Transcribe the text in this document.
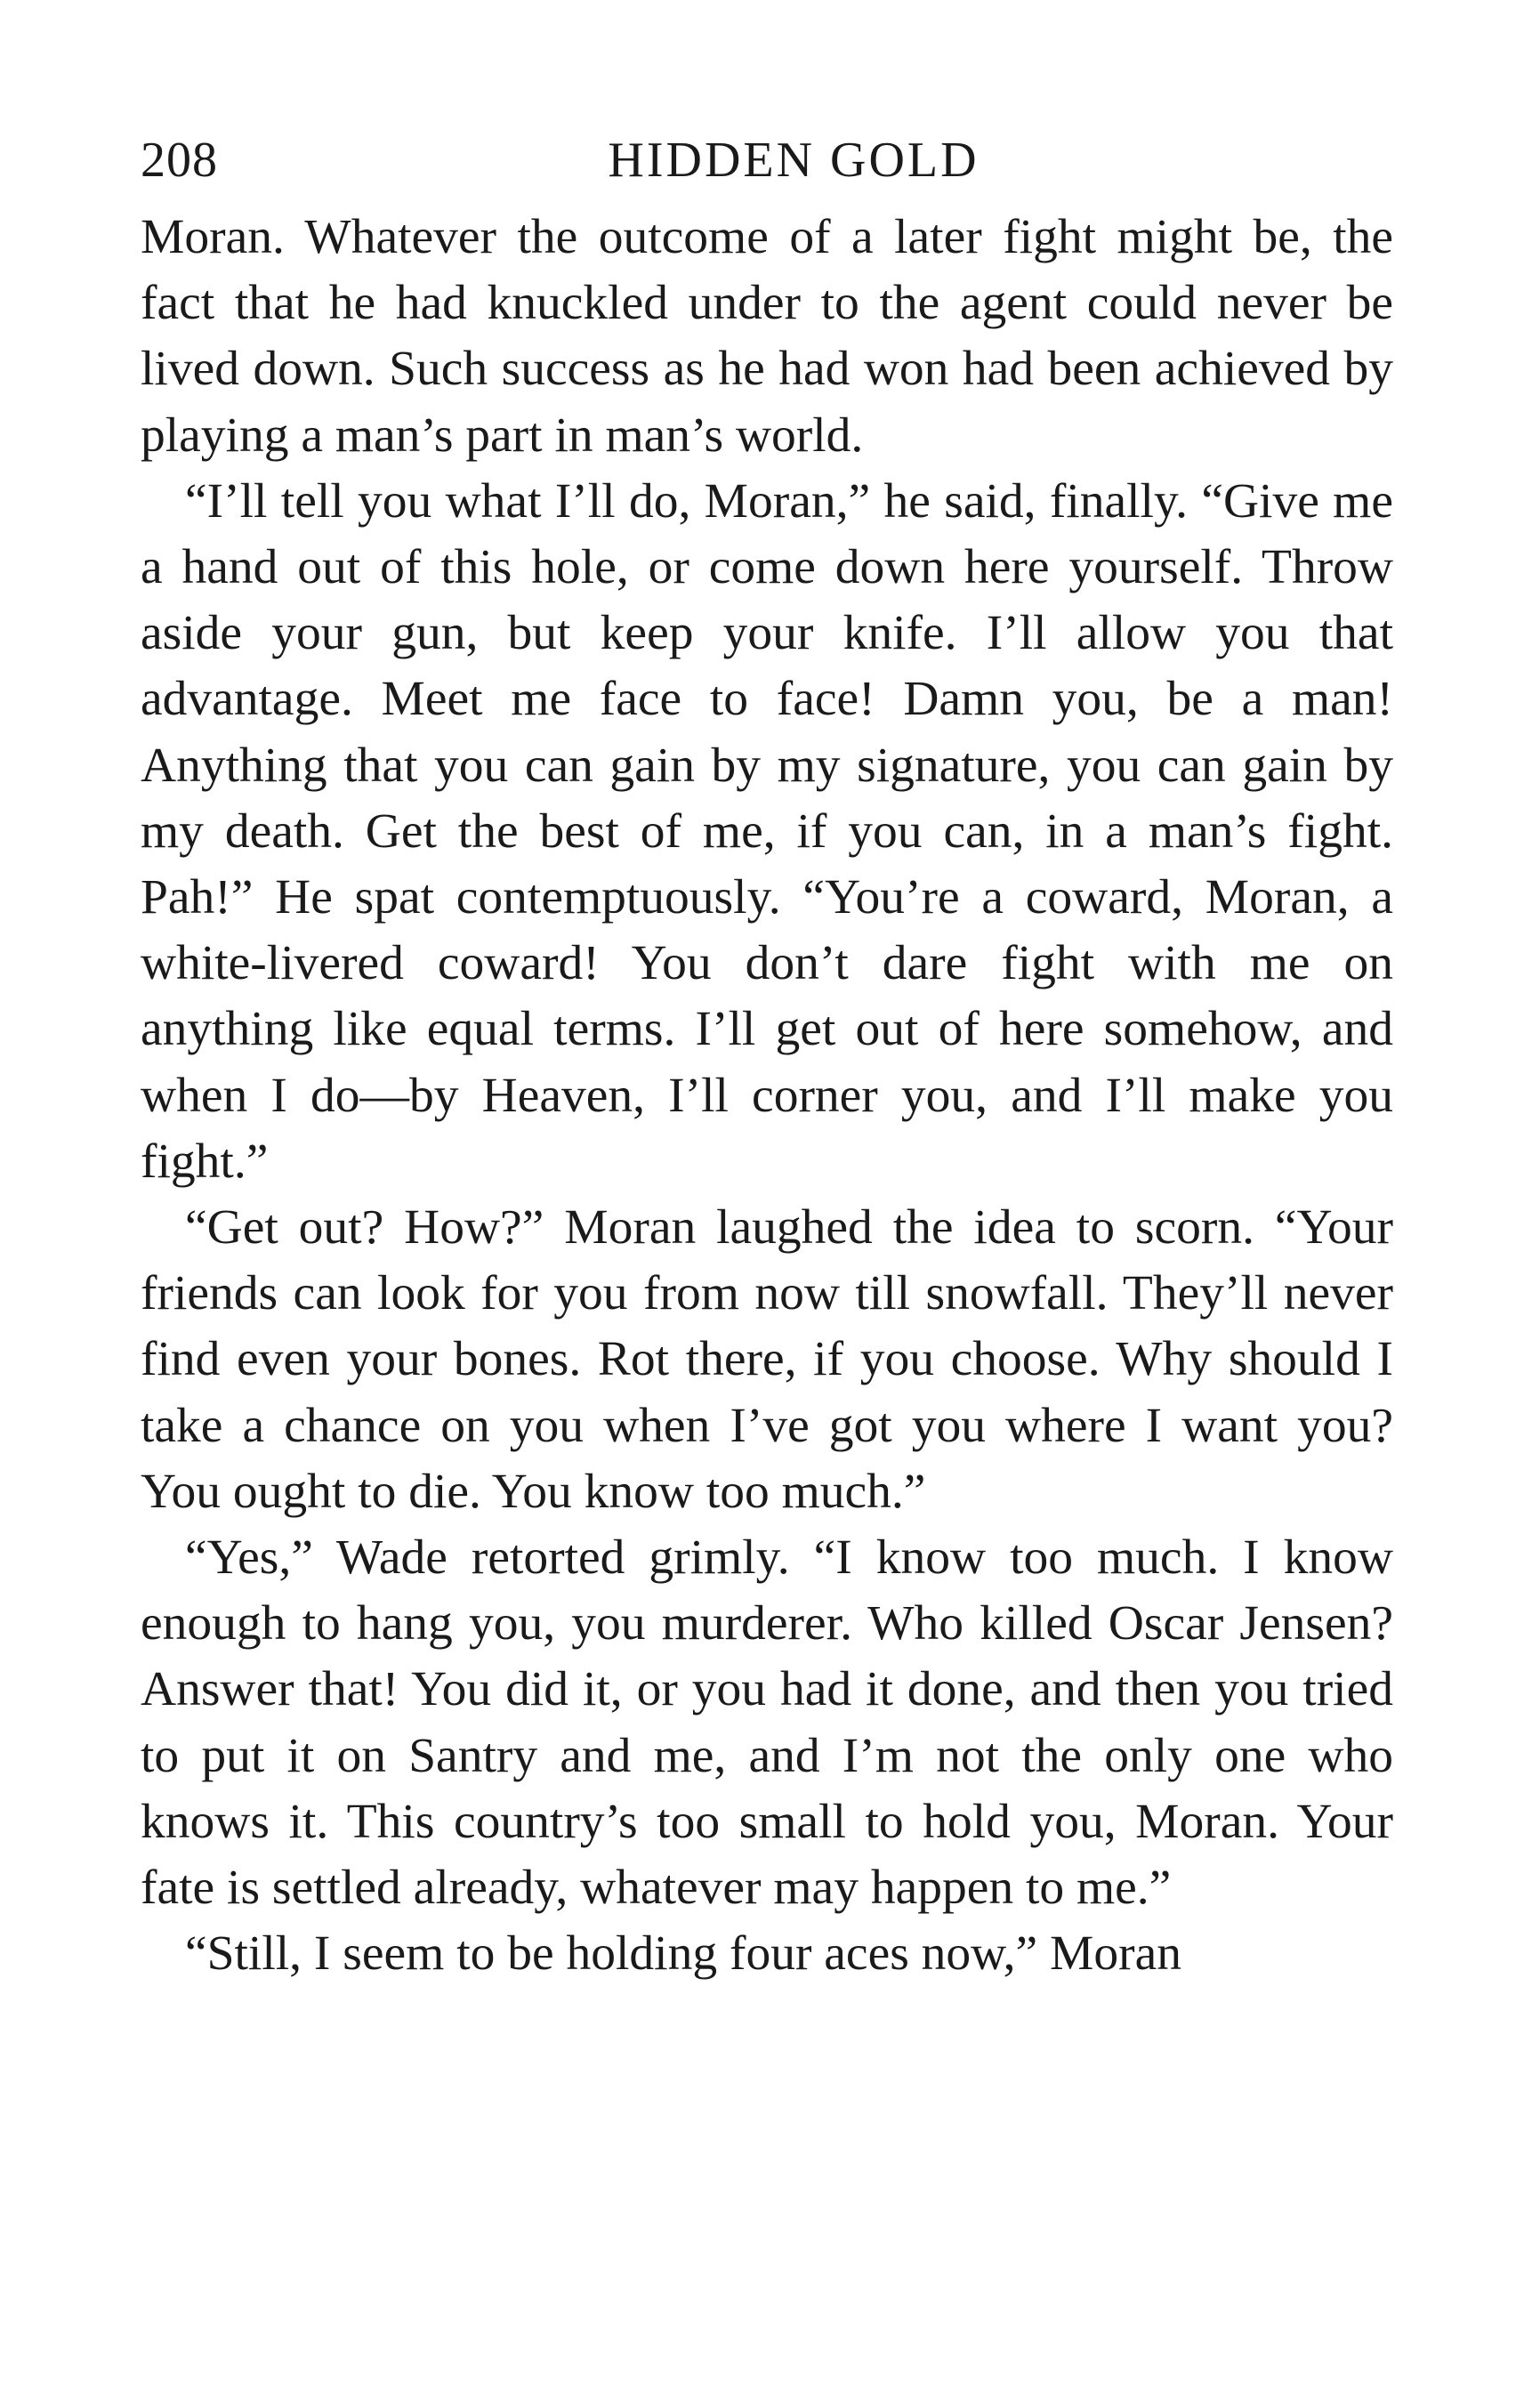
208	HIDDEN GOLD

Moran. Whatever the outcome of a later fight might be, the fact that he had knuckled under to the agent could never be lived down. Such success as he had won had been achieved by playing a man’s part in man’s world.

“I’ll tell you what I’ll do, Moran,” he said, finally. “Give me a hand out of this hole, or come down here yourself. Throw aside your gun, but keep your knife. I’ll allow you that advantage. Meet me face to face! Damn you, be a man! Anything that you can gain by my signature, you can gain by my death. Get the best of me, if you can, in a man’s fight. Pah!” He spat contemptuously. “You’re a coward, Moran, a white-livered coward! You don’t dare fight with me on anything like equal terms. I’ll get out of here somehow, and when I do—by Heaven, I’ll corner you, and I’ll make you fight.”

“Get out? How?” Moran laughed the idea to scorn. “Your friends can look for you from now till snowfall. They’ll never find even your bones. Rot there, if you choose. Why should I take a chance on you when I’ve got you where I want you? You ought to die. You know too much.”

“Yes,” Wade retorted grimly. “I know too much. I know enough to hang you, you murderer. Who killed Oscar Jensen? Answer that! You did it, or you had it done, and then you tried to put it on Santry and me, and I’m not the only one who knows it. This country’s too small to hold you, Moran. Your fate is settled already, whatever may happen to me.”

“Still, I seem to be holding four aces now,” Moran
